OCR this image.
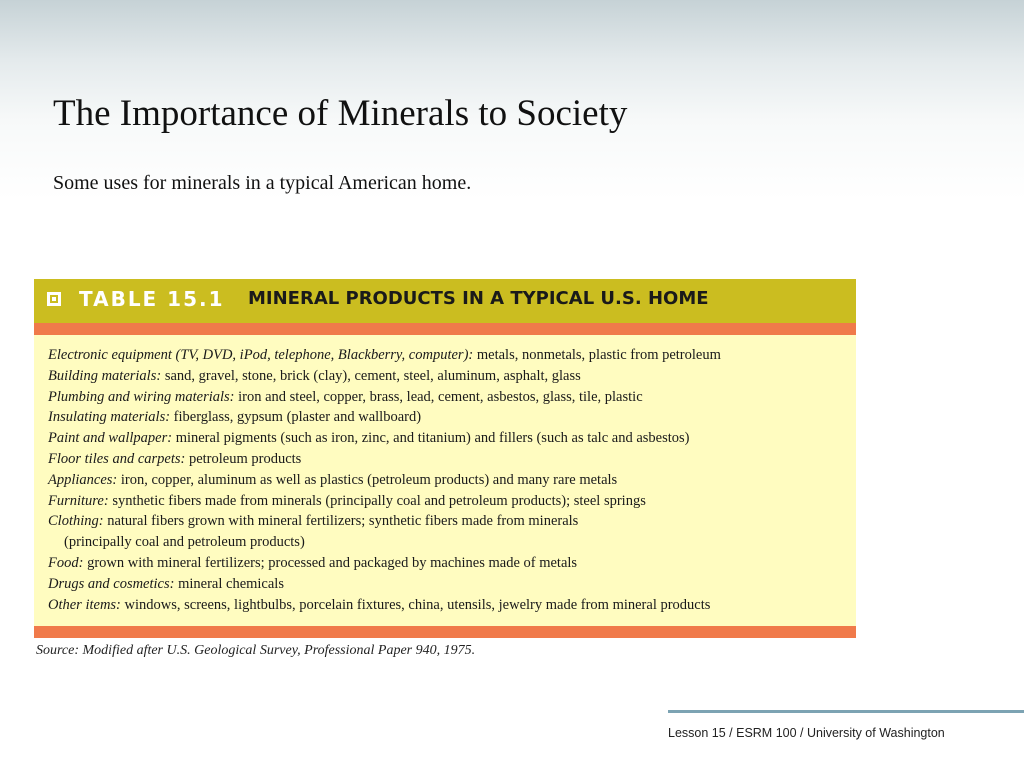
The Importance of Minerals to Society
Some uses for minerals in a typical American home.
TABLE 15.1 MINERAL PRODUCTS IN A TYPICAL U.S. HOME
Electronic equipment (TV, DVD, iPod, telephone, Blackberry, computer): metals, nonmetals, plastic from petroleum
Building materials: sand, gravel, stone, brick (clay), cement, steel, aluminum, asphalt, glass
Plumbing and wiring materials: iron and steel, copper, brass, lead, cement, asbestos, glass, tile, plastic
Insulating materials: fiberglass, gypsum (plaster and wallboard)
Paint and wallpaper: mineral pigments (such as iron, zinc, and titanium) and fillers (such as talc and asbestos)
Floor tiles and carpets: petroleum products
Appliances: iron, copper, aluminum as well as plastics (petroleum products) and many rare metals
Furniture: synthetic fibers made from minerals (principally coal and petroleum products); steel springs
Clothing: natural fibers grown with mineral fertilizers; synthetic fibers made from minerals
(principally coal and petroleum products)
Food: grown with mineral fertilizers; processed and packaged by machines made of metals
Drugs and cosmetics: mineral chemicals
Other items: windows, screens, lightbulbs, porcelain fixtures, china, utensils, jewelry made from mineral products
Source: Modified after U.S. Geological Survey, Professional Paper 940, 1975.
Lesson 15 / ESRM 100 / University of Washington
